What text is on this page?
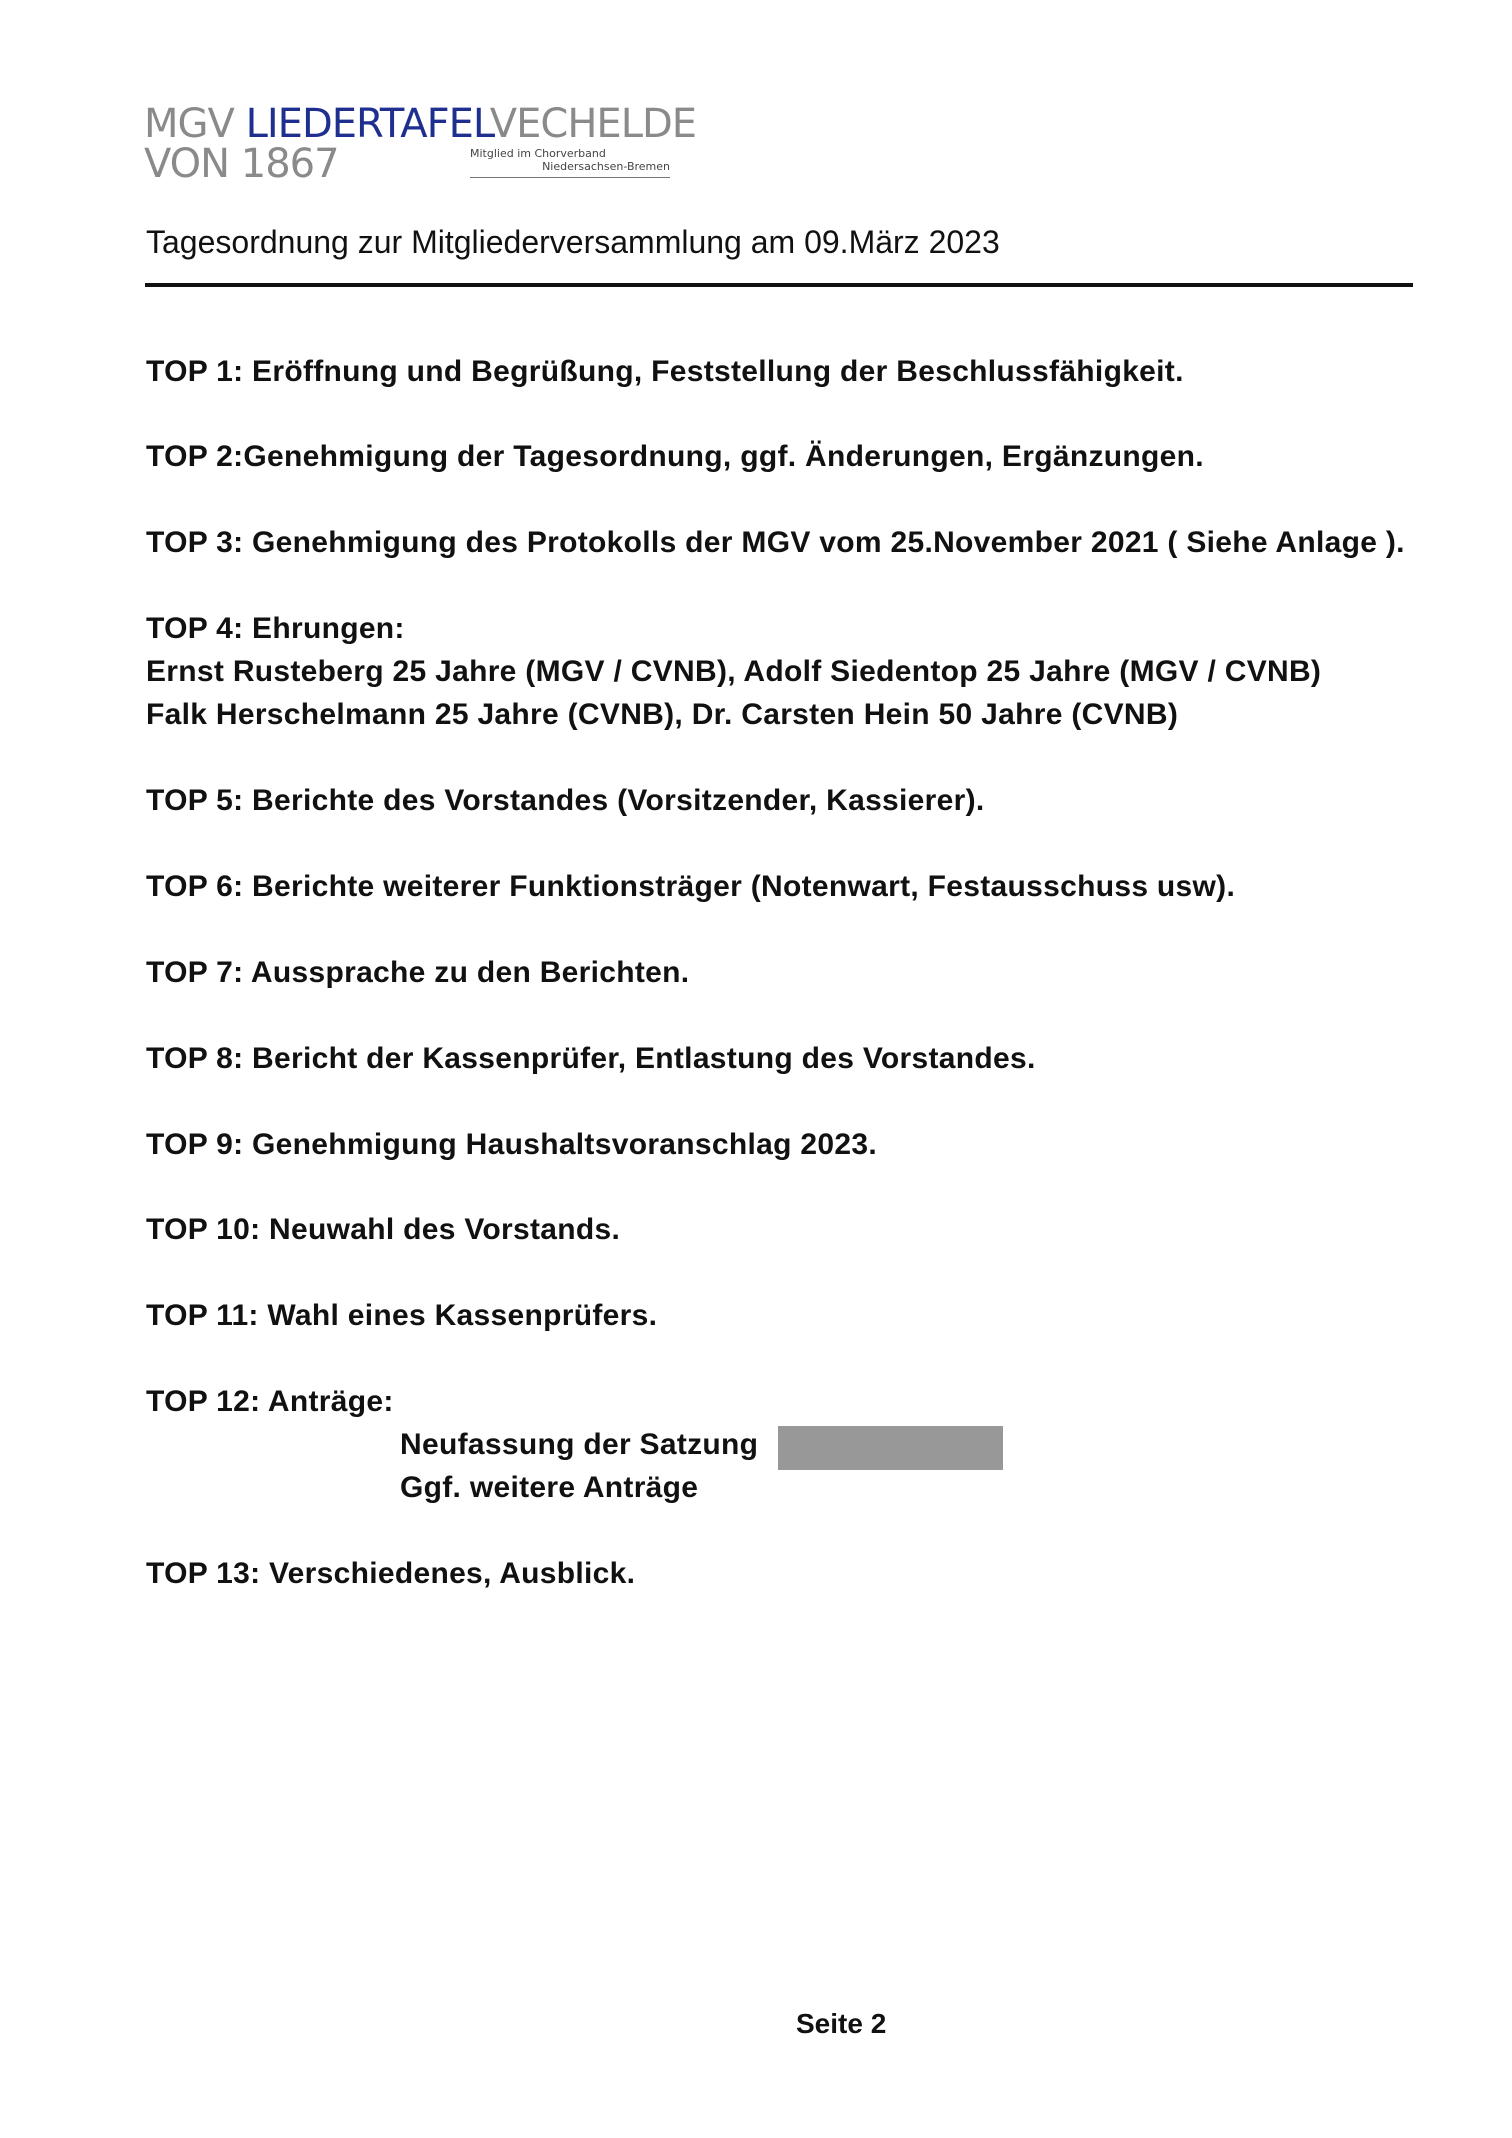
MGV LIEDERTAFELVECHELDE
VON 1867	Mitglied im Chorverband
Niedersachsen-Bremen
Tagesordnung zur Mitgliederversammlung am 09.März 2023
TOP 1: Eröffnung und Begrüßung, Feststellung der Beschlussfähigkeit.
TOP 2:Genehmigung der Tagesordnung, ggf. Änderungen, Ergänzungen.
TOP 3: Genehmigung des Protokolls der MGV vom 25.November 2021 ( Siehe Anlage ).
TOP 4: Ehrungen:
Ernst Rusteberg 25 Jahre (MGV / CVNB), Adolf Siedentop 25 Jahre (MGV / CVNB)
Falk Herschelmann 25 Jahre (CVNB), Dr. Carsten Hein 50 Jahre (CVNB)
TOP 5: Berichte des Vorstandes (Vorsitzender, Kassierer).
TOP 6: Berichte weiterer Funktionsträger (Notenwart, Festausschuss usw).
TOP 7: Aussprache zu den Berichten.
TOP 8: Bericht der Kassenprüfer, Entlastung des Vorstandes.
TOP 9: Genehmigung Haushaltsvoranschlag 2023.
TOP 10: Neuwahl des Vorstands.
TOP 11: Wahl eines Kassenprüfers.
TOP 12: Anträge:
Neufassung der Satzung
Ggf. weitere Anträge
TOP 13: Verschiedenes, Ausblick.
Seite 2
